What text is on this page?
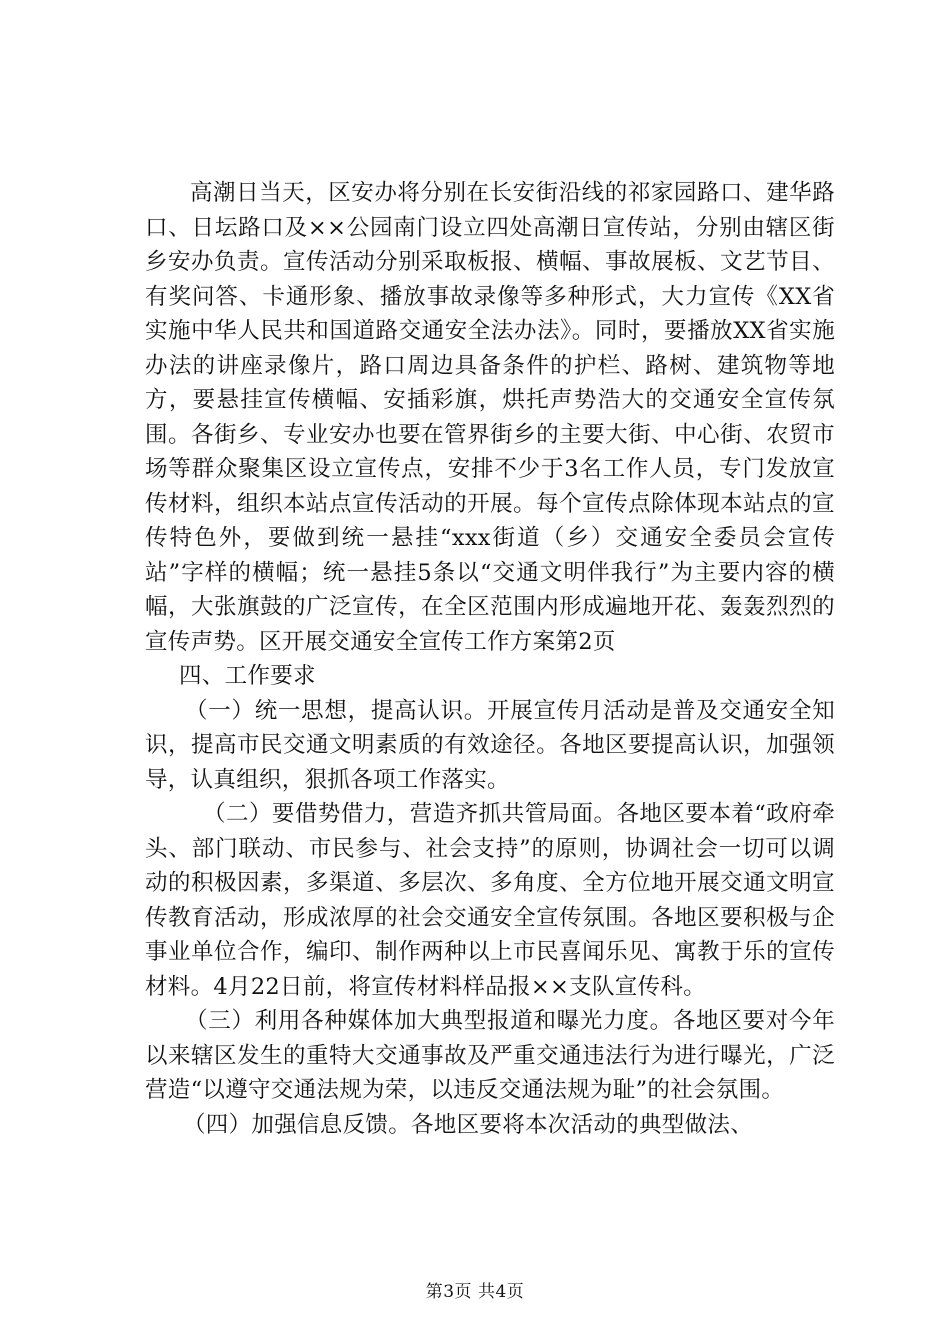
高潮日当天，区安办将分别在长安街沿线的祁家园路口、建华路口、日坛路口及××公园南门设立四处高潮日宣传站，分别由辖区街乡安办负责。宣传活动分别采取板报、横幅、事故展板、文艺节目、有奖问答、卡通形象、播放事故录像等多种形式，大力宣传《XX省实施中华人民共和国道路交通安全法办法》。同时，要播放XX省实施办法的讲座录像片，路口周边具备条件的护栏、路树、建筑物等地方，要悬挂宣传横幅、安插彩旗，烘托声势浩大的交通安全宣传氛围。各街乡、专业安办也要在管界街乡的主要大街、中心街、农贸市场等群众聚集区设立宣传点，安排不少于3名工作人员，专门发放宣传材料，组织本站点宣传活动的开展。每个宣传点除体现本站点的宣传特色外，要做到统一悬挂“xxx街道（乡）交通安全委员会宣传站”字样的横幅；统一悬挂5条以“交通文明伴我行”为主要内容的横幅，大张旗鼓的广泛宣传，在全区范围内形成遍地开花、轰轰烈烈的宣传声势。区开展交通安全宣传工作方案第2页

四、工作要求

（一）统一思想，提高认识。开展宣传月活动是普及交通安全知识，提高市民交通文明素质的有效途径。各地区要提高认识，加强领导，认真组织，狠抓各项工作落实。

（二）要借势借力，营造齐抓共管局面。各地区要本着“政府牵头、部门联动、市民参与、社会支持”的原则，协调社会一切可以调动的积极因素，多渠道、多层次、多角度、全方位地开展交通文明宣传教育活动，形成浓厚的社会交通安全宣传氛围。各地区要积极与企事业单位合作，编印、制作两种以上市民喜闻乐见、寓教于乐的宣传材料。4月22日前，将宣传材料样品报××支队宣传科。

（三）利用各种媒体加大典型报道和曝光力度。各地区要对今年以来辖区发生的重特大交通事故及严重交通违法行为进行曝光，广泛营造“以遵守交通法规为荣，以违反交通法规为耻”的社会氛围。

（四）加强信息反馈。各地区要将本次活动的典型做法、

第3页 共4页
